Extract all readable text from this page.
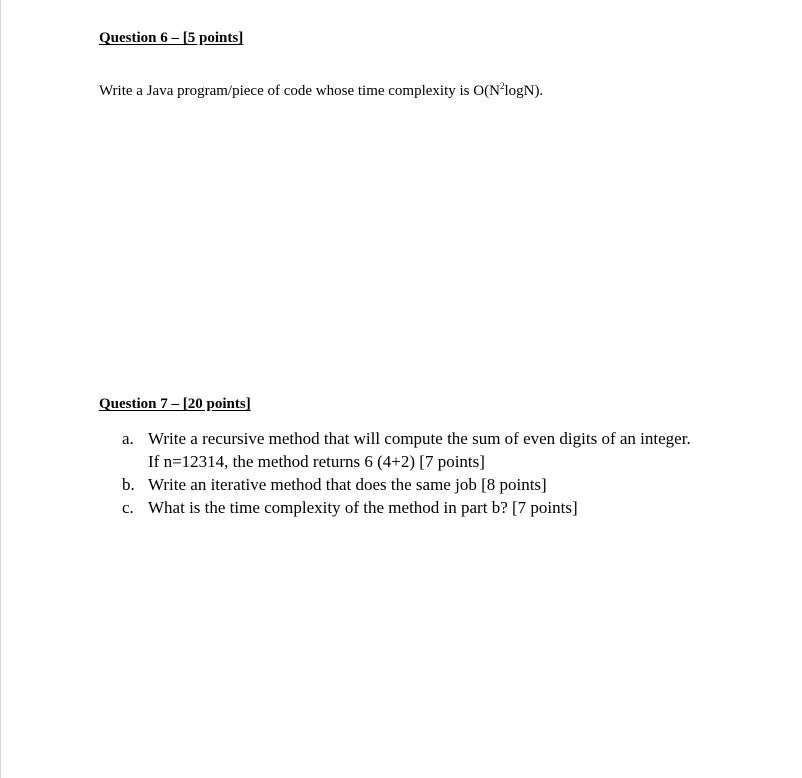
Question 6 – [5 points]
Write a Java program/piece of code whose time complexity is $O(N^2\log N)$.
Question 7 – [20 points]
a. Write a recursive method that will compute the sum of even digits of an integer. If n=12314, the method returns 6 (4+2) [7 points]
b. Write an iterative method that does the same job [8 points]
c. What is the time complexity of the method in part b? [7 points]
